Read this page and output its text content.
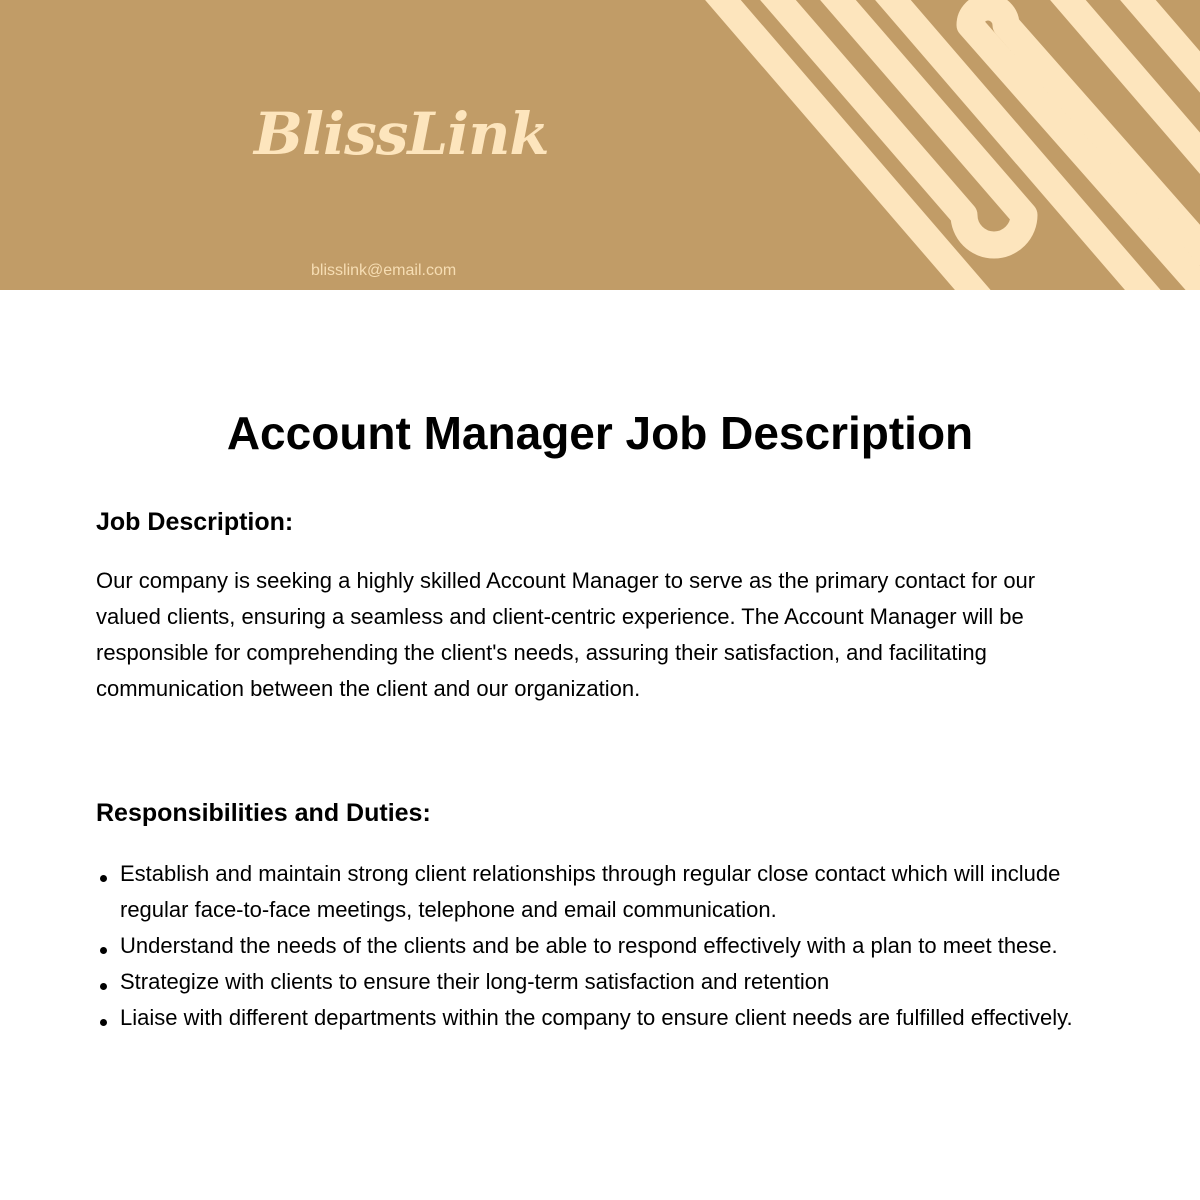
BlissLink
blisslink@email.com
Account Manager Job Description
Job Description:
Our company is seeking a highly skilled Account Manager to serve as the primary contact for our valued clients, ensuring a seamless and client-centric experience. The Account Manager will be responsible for comprehending the client's needs, assuring their satisfaction, and facilitating communication between the client and our organization.
Responsibilities and Duties:
Establish and maintain strong client relationships through regular close contact which will include regular face-to-face meetings, telephone and email communication.
Understand the needs of the clients and be able to respond effectively with a plan to meet these.
Strategize with clients to ensure their long-term satisfaction and retention
Liaise with different departments within the company to ensure client needs are fulfilled effectively.
